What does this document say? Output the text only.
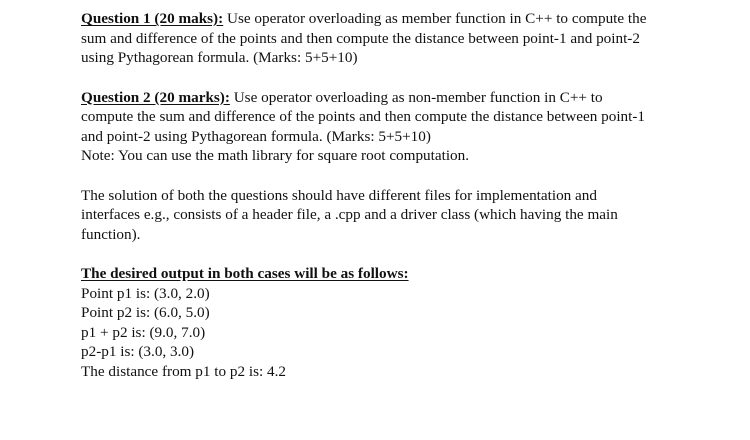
Question 1 (20 maks): Use operator overloading as member function in C++ to compute the
sum and difference of the points and then compute the distance between point-1 and point-2
using Pythagorean formula. (Marks: 5+5+10)
Question 2 (20 marks): Use operator overloading as non-member function in C++ to
compute the sum and difference of the points and then compute the distance between point-1
and point-2 using Pythagorean formula. (Marks: 5+5+10)
Note: You can use the math library for square root computation.
The solution of both the questions should have different files for implementation and
interfaces e.g., consists of a header file, a .cpp and a driver class (which having the main
function).
The desired output in both cases will be as follows:
Point p1 is: (3.0, 2.0)
Point p2 is: (6.0, 5.0)
p1 + p2 is: (9.0, 7.0)
p2-p1 is: (3.0, 3.0)
The distance from p1 to p2 is: 4.2
